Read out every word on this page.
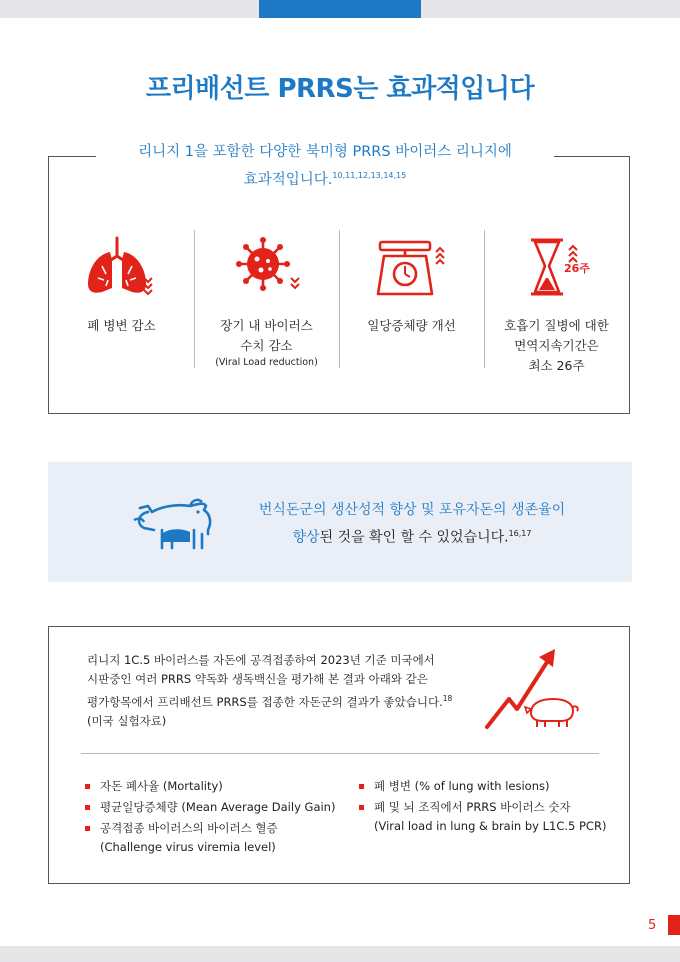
프리배선트 PRRS는 효과적입니다
리니지 1을 포함한 다양한 북미형 PRRS 바이러스 리니지에
효과적입니다.$^{10,11,12,13,14,15}$
폐 병변 감소	장기 내 바이러스
수치 감소
(Viral Load reduction)
일당증체량 개선
26주
호흡기 질병에 대한
면역지속기간은
최소 26주
번식돈군의 생산성적 향상 및 포유자돈의 생존율이
향상된 것을 확인 할 수 있었습니다.$^{16,17}$
리니지 1C.5 바이러스를 자돈에 공격접종하여 2023년 기준 미국에서
시판중인 여러 PRRS 약독화 생독백신을 평가해 본 결과 아래와 같은
평가항목에서 프리배선트 PRRS를 접종한 자돈군의 결과가 좋았습니다.$^{18}$
(미국 실험자료)
자돈 폐사율 (Mortality)
평균일당증체량 (Mean Average Daily Gain)
공격접종 바이러스의 바이러스 혈증
(Challenge virus viremia level)
폐 병변 (% of lung with lesions)
폐 및 뇌 조직에서 PRRS 바이러스 숫자
(Viral load in lung & brain by L1C.5 PCR)
5
